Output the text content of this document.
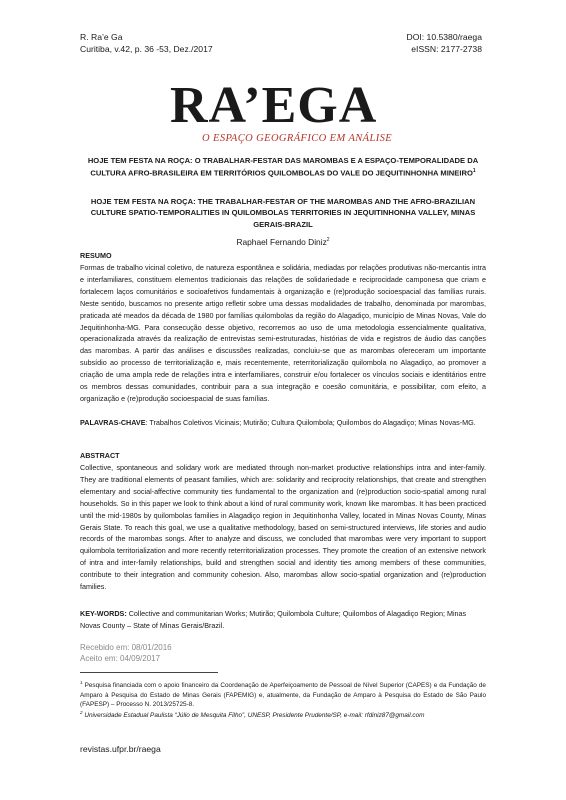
R. Ra’e Ga
Curitiba, v.42, p. 36 -53, Dez./2017
DOI: 10.5380/raega
eISSN: 2177-2738
RA’EGA
O ESPAÇO GEOGRÁFICO EM ANÁLISE
HOJE TEM FESTA NA ROÇA: O TRABALHAR-FESTAR DAS MAROMBAS E A ESPAÇO-TEMPORALIDADE DA CULTURA AFRO-BRASILEIRA EM TERRITÓRIOS QUILOMBOLAS DO VALE DO JEQUITINHONHA MINEIRO$^1$
HOJE TEM FESTA NA ROÇA: THE TRABALHAR-FESTAR OF THE MAROMBAS AND THE AFRO-BRAZILIAN CULTURE SPATIO-TEMPORALITIES IN QUILOMBOLAS TERRITORIES IN JEQUITINHONHA VALLEY, MINAS GERAIS-BRAZIL
Raphael Fernando Diniz$^2$
RESUMO
Formas de trabalho vicinal coletivo, de natureza espontânea e solidária, mediadas por relações produtivas não-mercantis intra e interfamiliares, constituem elementos tradicionais das relações de solidariedade e reciprocidade camponesa que criam e fortalecem laços comunitários e socioafetivos fundamentais à organização e (re)produção socioespacial das famílias rurais. Neste sentido, buscamos no presente artigo refletir sobre uma dessas modalidades de trabalho, denominada por marombas, praticada até meados da década de 1980 por famílias quilombolas da região do Alagadiço, município de Minas Novas, Vale do Jequitinhonha-MG. Para consecução desse objetivo, recorremos ao uso de uma metodologia essencialmente qualitativa, operacionalizada através da realização de entrevistas semi-estruturadas, histórias de vida e registros de áudio das canções das marombas. A partir das análises e discussões realizadas, concluiu-se que as marombas ofereceram um importante subsídio ao processo de territorialização e, mais recentemente, reterritorialização quilombola no Alagadiço, ao promover a criação de uma ampla rede de relações intra e interfamiliares, construir e/ou fortalecer os vínculos sociais e identitários entre os membros dessas comunidades, contribuir para a sua integração e coesão comunitária, e possibilitar, com efeito, a organização e (re)produção socioespacial de suas famílias.
PALAVRAS-CHAVE: Trabalhos Coletivos Vicinais; Mutirão; Cultura Quilombola; Quilombos do Alagadiço; Minas Novas-MG.
ABSTRACT
Collective, spontaneous and solidary work are mediated through non-market productive relationships intra and inter-family. They are traditional elements of peasant families, which are: solidarity and reciprocity relationships, that create and strengthen elementary and social-affective community ties fundamental to the organization and (re)production socio-spatial among rural households. So in this paper we look to think about a kind of rural community work, known like marombas. It has been practiced until the mid-1980s by quilombolas families in Alagadiço region in Jequitinhonha Valley, located in Minas Novas County, Minas Gerais State. To reach this goal, we use a qualitative methodology, based on semi-structured interviews, life stories and audio records of the marombas songs. After to analyze and discuss, we concluded that marombas were very important to support quilombola territorialization and more recently reterritorialization processes. They promote the creation of an extensive network of intra and inter-family relationships, build and strengthen social and identity ties among members of these communities, contribute to their integration and community cohesion. Also, marombas allow socio-spatial organization and (re)production families.
KEY-WORDS: Collective and communitarian Works; Mutirão; Quilombola Culture; Quilombos of Alagadiço Region; Minas Novas County – State of Minas Gerais/Brazil.
Recebido em: 08/01/2016
Aceito em: 04/09/2017
$^1$ Pesquisa financiada com o apoio financeiro da Coordenação de Aperfeiçoamento de Pessoal de Nível Superior (CAPES) e da Fundação de Amparo à Pesquisa do Estado de Minas Gerais (FAPEMIG) e, atualmente, da Fundação de Amparo à Pesquisa do Estado de São Paulo (FAPESP) – Processo N. 2013/25725-8.
$^2$ Universidade Estadual Paulista “Júlio de Mesquita Filho”, UNESP, Presidente Prudente/SP, e-mail: rfdiniz87@gmail.com
revistas.ufpr.br/raega
